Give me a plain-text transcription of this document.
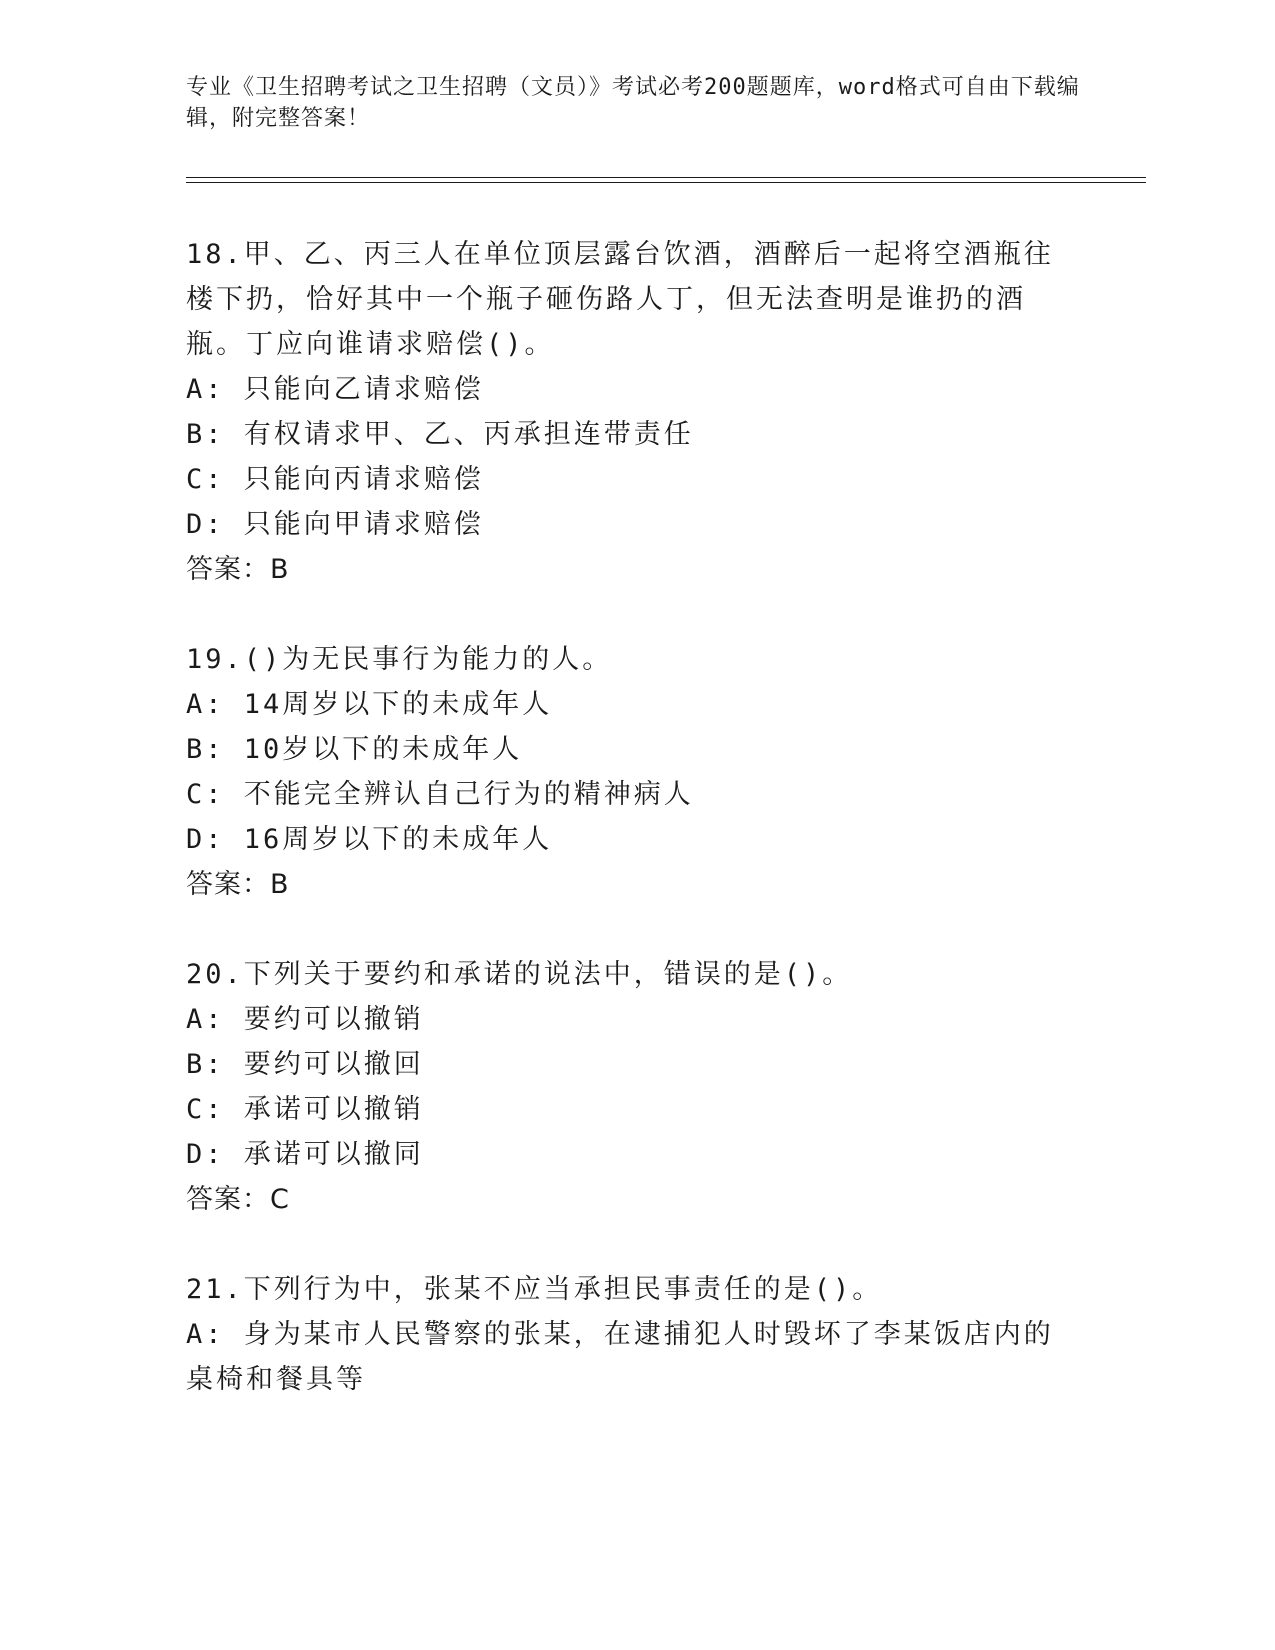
专业《卫生招聘考试之卫生招聘（文员）》考试必考200题题库，word格式可自由下载编辑，附完整答案！

18.甲、乙、丙三人在单位顶层露台饮酒，酒醉后一起将空酒瓶往楼下扔，恰好其中一个瓶子砸伤路人丁，但无法查明是谁扔的酒瓶。丁应向谁请求赔偿()。

A: 只能向乙请求赔偿

B: 有权请求甲、乙、丙承担连带责任

C: 只能向丙请求赔偿

D: 只能向甲请求赔偿

答案：B

19.()为无民事行为能力的人。

A: 14周岁以下的未成年人

B: 10岁以下的未成年人

C: 不能完全辨认自己行为的精神病人

D: 16周岁以下的未成年人

答案：B

20.下列关于要约和承诺的说法中，错误的是()。

A: 要约可以撤销

B: 要约可以撤回

C: 承诺可以撤销

D: 承诺可以撤同

答案：C

21.下列行为中，张某不应当承担民事责任的是()。

A: 身为某市人民警察的张某，在逮捕犯人时毁坏了李某饭店内的桌椅和餐具等
